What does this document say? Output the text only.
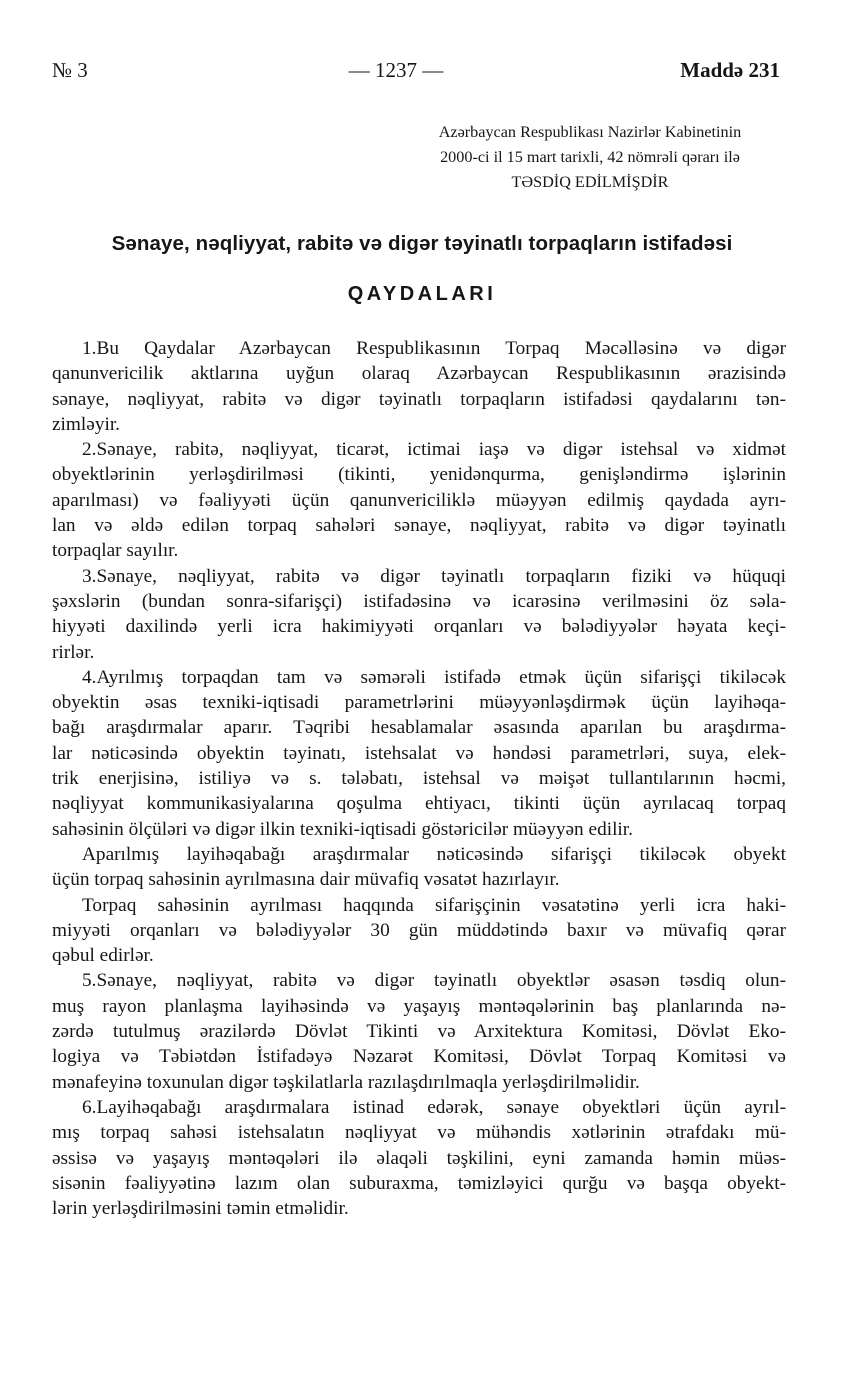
№ 3	— 1237 —	Maddə 231
Azərbaycan Respublikası Nazirlər Kabinetinin
2000-ci il 15 mart tarixli, 42 nömrəli qərarı ilə
TƏSDİQ EDİLMİŞDİR
Sənaye, nəqliyyat, rabitə və digər təyinatlı torpaqların istifadəsi
QAYDALARI
1.Bu Qaydalar Azərbaycan Respublikasının Torpaq Məcəlləsinə və digər
qanunvericilik aktlarına uyğun olaraq Azərbaycan Respublikasının ərazisində
sənaye, nəqliyyat, rabitə və digər təyinatlı torpaqların istifadəsi qaydalarını tən-
zimləyir.
2.Sənaye, rabitə, nəqliyyat, ticarət, ictimai iaşə və digər istehsal və xidmət
obyektlərinin yerləşdirilməsi (tikinti, yenidənqurma, genişləndirmə işlərinin
aparılması) və fəaliyyəti üçün qanunvericiliklə müəyyən edilmiş qaydada ayrı-
lan və əldə edilən torpaq sahələri sənaye, nəqliyyat, rabitə və digər təyinatlı
torpaqlar sayılır.
3.Sənaye, nəqliyyat, rabitə və digər təyinatlı torpaqların fiziki və hüquqi
şəxslərin (bundan sonra-sifarişçi) istifadəsinə və icarəsinə verilməsini öz səla-
hiyyəti daxilində yerli icra hakimiyyəti orqanları və bələdiyyələr həyata keçi-
rirlər.
4.Ayrılmış torpaqdan tam və səmərəli istifadə etmək üçün sifarişçi tikiləcək
obyektin əsas texniki-iqtisadi parametrlərini müəyyənləşdirmək üçün layihəqa-
bağı araşdırmalar aparır. Təqribi hesablamalar əsasında aparılan bu araşdırma-
lar nəticəsində obyektin təyinatı, istehsalat və həndəsi parametrləri, suya, elek-
trik enerjisinə, istiliyə və s. tələbatı, istehsal və məişət tullantılarının həcmi,
nəqliyyat kommunikasiyalarına qoşulma ehtiyacı, tikinti üçün ayrılacaq torpaq
sahəsinin ölçüləri və digər ilkin texniki-iqtisadi göstəricilər müəyyən edilir.
Aparılmış layihəqabağı araşdırmalar nəticəsində sifarişçi tikiləcək obyekt
üçün torpaq sahəsinin ayrılmasına dair müvafiq vəsatət hazırlayır.
Torpaq sahəsinin ayrılması haqqında sifarişçinin vəsatətinə yerli icra haki-
miyyəti orqanları və bələdiyyələr 30 gün müddətində baxır və müvafiq qərar
qəbul edirlər.
5.Sənaye, nəqliyyat, rabitə və digər təyinatlı obyektlər əsasən təsdiq olun-
muş rayon planlaşma layihəsində və yaşayış məntəqələrinin baş planlarında nə-
zərdə tutulmuş ərazilərdə Dövlət Tikinti və Arxitektura Komitəsi, Dövlət Eko-
logiya və Təbiətdən İstifadəyə Nəzarət Komitəsi, Dövlət Torpaq Komitəsi və
mənafeyinə toxunulan digər təşkilatlarla razılaşdırılmaqla yerləşdirilməlidir.
6.Layihəqabağı araşdırmalara istinad edərək, sənaye obyektləri üçün ayrıl-
mış torpaq sahəsi istehsalatın nəqliyyat və mühəndis xətlərinin ətrafdakı mü-
əssisə və yaşayış məntəqələri ilə əlaqəli təşkilini, eyni zamanda həmin müəs-
sisənin fəaliyyətinə lazım olan suburaxma, təmizləyici qurğu və başqa obyekt-
lərin yerləşdirilməsini təmin etməlidir.
